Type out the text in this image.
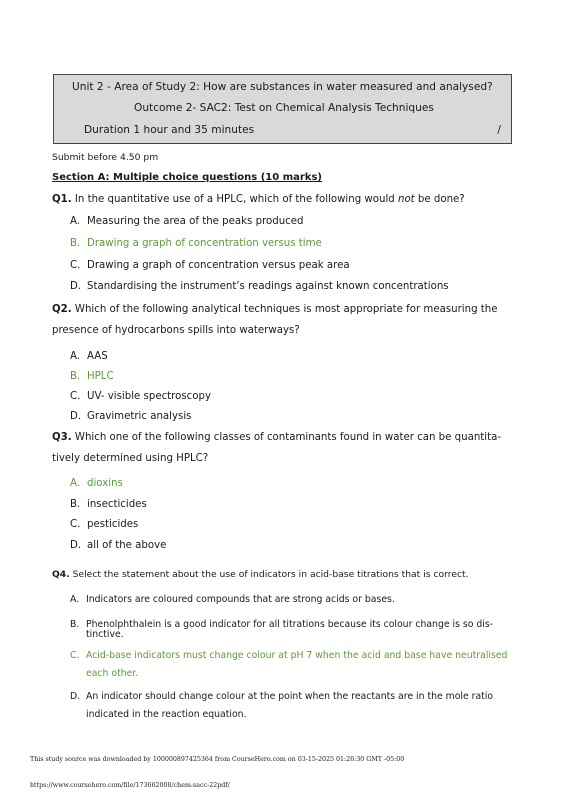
Unit 2 - Area of Study 2: How are substances in water measured and analysed?
Outcome 2- SAC2: Test on Chemical Analysis Techniques
Duration 1 hour and 35 minutes	/
Submit before 4.50 pm
Section A: Multiple choice questions (10 marks)
Q1. In the quantitative use of a HPLC, which of the following would not be done?
A. Measuring the area of the peaks produced
B. Drawing a graph of concentration versus time
C. Drawing a graph of concentration versus peak area
D. Standardising the instrument’s readings against known concentrations
Q2. Which of the following analytical techniques is most appropriate for measuring the
presence of hydrocarbons spills into waterways?
A. AAS
B. HPLC
C. UV- visible spectroscopy
D. Gravimetric analysis
Q3. Which one of the following classes of contaminants found in water can be quantita-
tively determined using HPLC?
A. dioxins
B. insecticides
C. pesticides
D. all of the above
Q4. Select the statement about the use of indicators in acid-base titrations that is correct.
A. Indicators are coloured compounds that are strong acids or bases.
B. Phenolphthalein is a good indicator for all titrations because its colour change is so dis-
tinctive.
C. Acid-base indicators must change colour at pH 7 when the acid and base have neutralised
each other.
D. An indicator should change colour at the point when the reactants are in the mole ratio
indicated in the reaction equation.
This study source was downloaded by 100000897425364 from CourseHero.com on 03-15-2025 01:26:30 GMT -05:00
https://www.coursehero.com/file/173662008/chem-sacc-22pdf/
